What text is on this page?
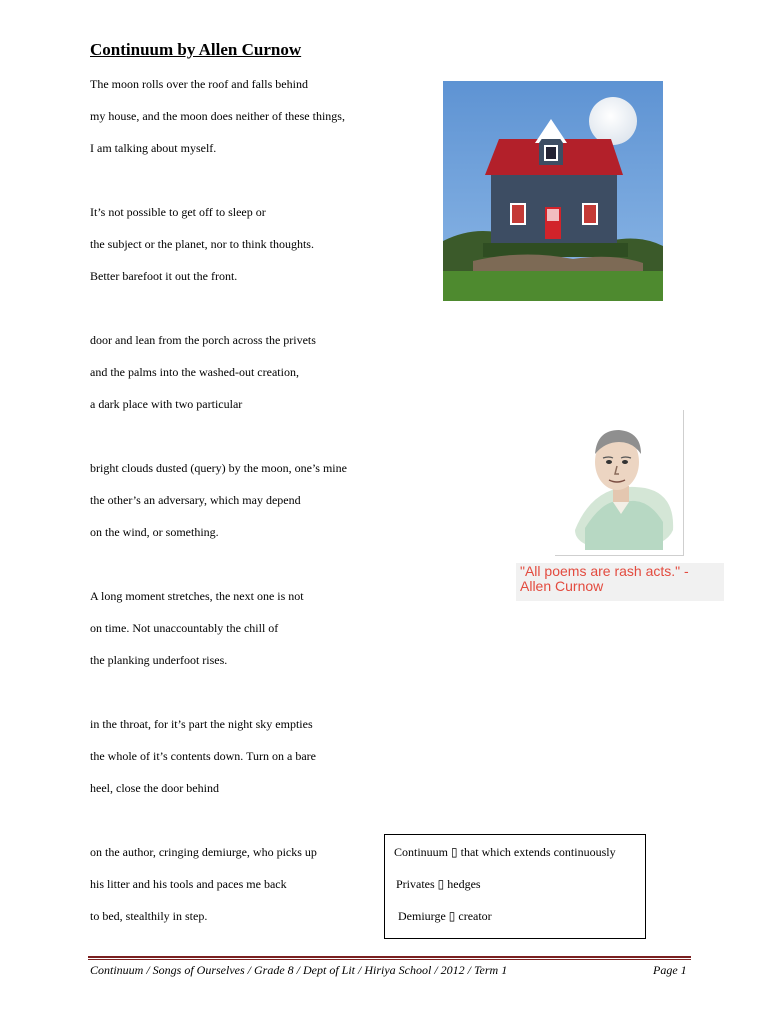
Continuum by Allen Curnow
The moon rolls over the roof and falls behind
my house, and the moon does neither of these things,
I am talking about myself.
It’s not possible to get off to sleep or
the subject or the planet, nor to think thoughts.
Better barefoot it out the front.
door and lean from the porch across the privets
and the palms into the washed-out creation,
a dark place with two particular
bright clouds dusted (query) by the moon, one’s mine
the other’s an adversary, which may depend
on the wind, or something.
A long moment stretches, the next one is not
on time. Not unaccountably the chill of
the planking underfoot rises.
in the throat, for it’s part the night sky empties
the whole of it’s contents down. Turn on a bare
heel, close the door behind
on the author, cringing demiurge, who picks up
his litter and his tools and paces me back
to bed, stealthily in step.
"All poems are rash acts." -
Allen Curnow
Continuum ▯ that which extends continuously
Privates ▯ hedges
Demiurge ▯ creator
Continuum / Songs of Ourselves / Grade 8 / Dept of Lit / Hiriya School / 2012 / Term 1	Page 1
